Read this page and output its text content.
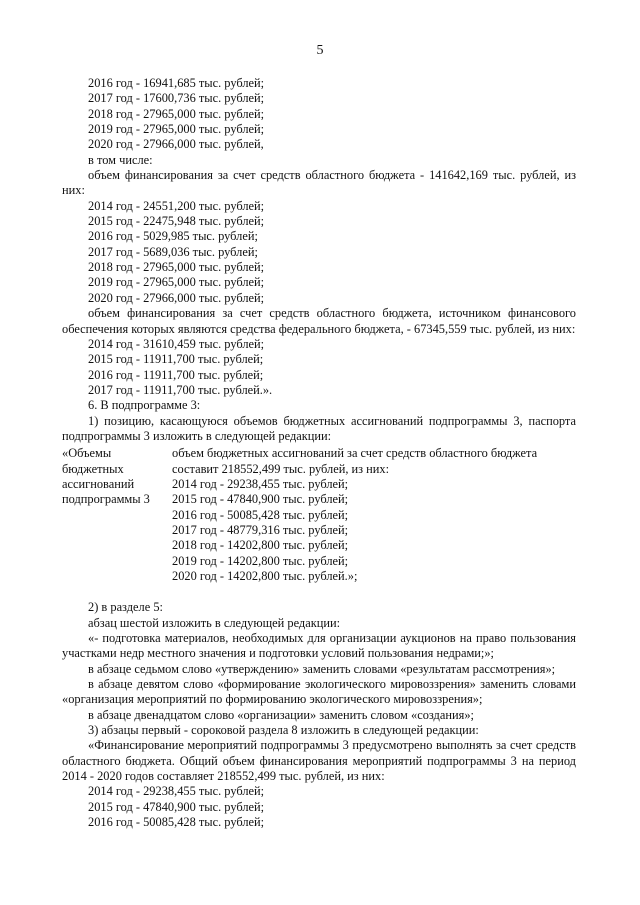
5

2016 год - 16941,685 тыс. рублей;

2017 год - 17600,736 тыс. рублей;

2018 год - 27965,000 тыс. рублей;

2019 год - 27965,000 тыс. рублей;

2020 год - 27966,000 тыс. рублей,

в том числе:

объем финансирования за счет средств областного бюджета - 141642,169 тыс. рублей, из них:

2014 год - 24551,200 тыс. рублей;

2015 год - 22475,948 тыс. рублей;

2016 год - 5029,985 тыс. рублей;

2017 год - 5689,036 тыс. рублей;

2018 год - 27965,000 тыс. рублей;

2019 год - 27965,000 тыс. рублей;

2020 год - 27966,000 тыс. рублей;

объем финансирования за счет средств областного бюджета, источником финансового обеспечения которых являются средства федерального бюджета, - 67345,559 тыс. рублей, из них:

2014 год - 31610,459 тыс. рублей;

2015 год - 11911,700 тыс. рублей;

2016 год - 11911,700 тыс. рублей;

2017 год - 11911,700 тыс. рублей.».

6. В подпрограмме 3:

1) позицию, касающуюся объемов бюджетных ассигнований подпрограммы 3, паспорта подпрограммы 3 изложить в следующей редакции:

«Объемы бюджетных ассигнований подпрограммы 3

объем бюджетных ассигнований за счет средств областного бюджета составит 218552,499 тыс. рублей, из них:

2014 год - 29238,455 тыс. рублей;

2015 год - 47840,900 тыс. рублей;

2016 год - 50085,428 тыс. рублей;

2017 год - 48779,316 тыс. рублей;

2018 год - 14202,800 тыс. рублей;

2019 год - 14202,800 тыс. рублей;

2020 год - 14202,800 тыс. рублей.»;

2) в разделе 5:

абзац шестой изложить в следующей редакции:

«- подготовка материалов, необходимых для организации аукционов на право пользования участками недр местного значения и подготовки условий пользования недрами;»;

в абзаце седьмом слово «утверждению» заменить словами «результатам рассмотрения»;

в абзаце девятом слово «формирование экологического мировоззрения» заменить словами «организация мероприятий по формированию экологического мировоззрения»;

в абзаце двенадцатом слово «организации» заменить словом «создания»;

3) абзацы первый - сороковой раздела 8 изложить в следующей редакции:

«Финансирование мероприятий подпрограммы 3 предусмотрено выполнять за счет средств областного бюджета. Общий объем финансирования мероприятий подпрограммы 3 на период 2014 - 2020 годов составляет 218552,499 тыс. рублей, из них:

2014 год - 29238,455 тыс. рублей;

2015 год - 47840,900 тыс. рублей;

2016 год - 50085,428 тыс. рублей;
